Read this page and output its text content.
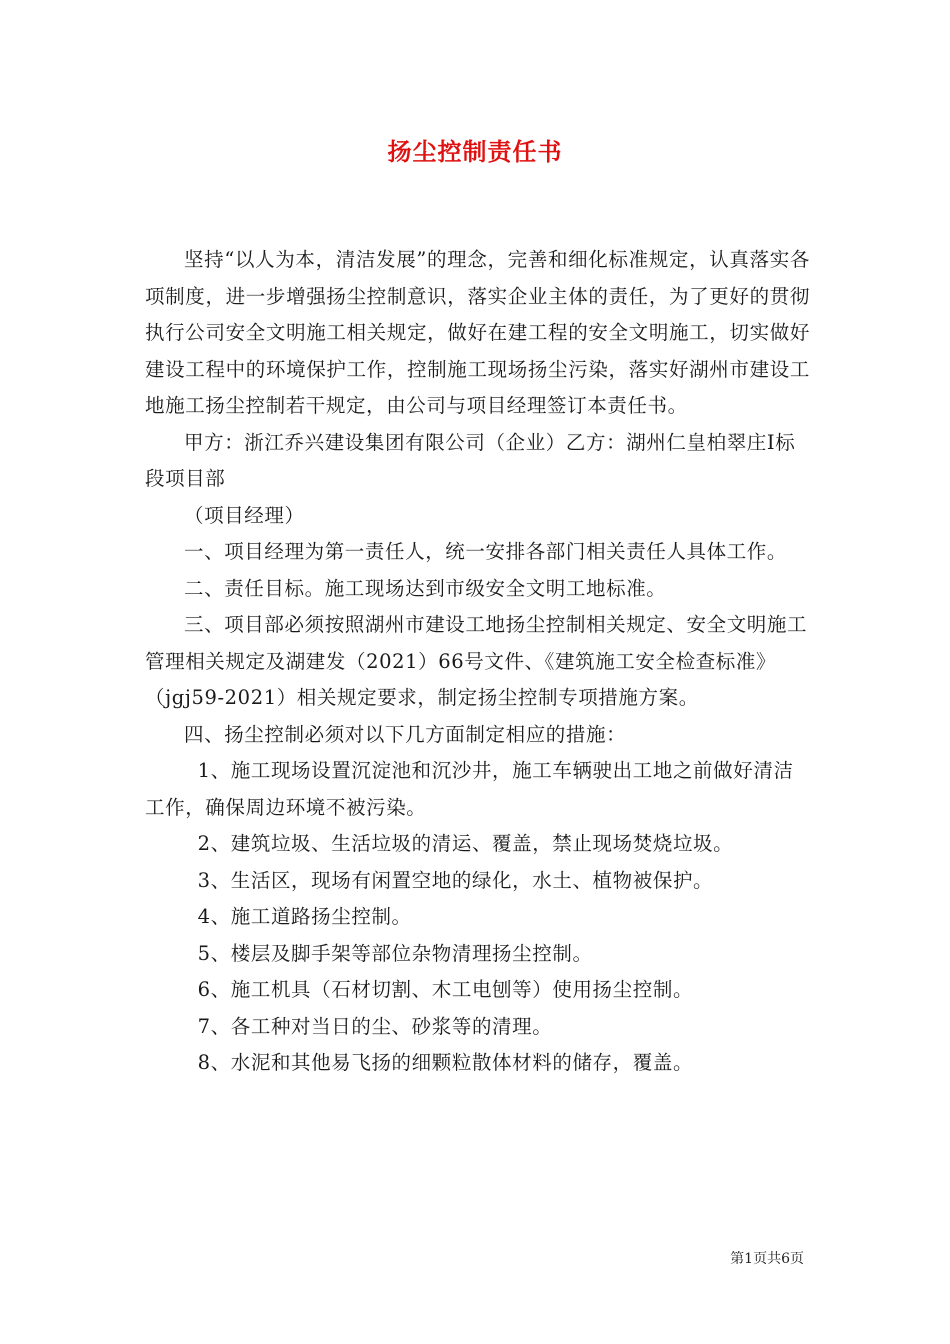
扬尘控制责任书

坚持“以人为本，清洁发展”的理念，完善和细化标准规定，认真落实各项制度，进一步增强扬尘控制意识，落实企业主体的责任，为了更好的贯彻执行公司安全文明施工相关规定，做好在建工程的安全文明施工，切实做好建设工程中的环境保护工作，控制施工现场扬尘污染，落实好湖州市建设工地施工扬尘控制若干规定，由公司与项目经理签订本责任书。

甲方：浙江乔兴建设集团有限公司（企业）乙方：湖州仁皇柏翠庄Ⅰ标段项目部

（项目经理）

一、项目经理为第一责任人，统一安排各部门相关责任人具体工作。

二、责任目标。施工现场达到市级安全文明工地标准。

三、项目部必须按照湖州市建设工地扬尘控制相关规定、安全文明施工管理相关规定及湖建发（2021）66号文件、《建筑施工安全检查标准》（jgj59-2021）相关规定要求，制定扬尘控制专项措施方案。

四、扬尘控制必须对以下几方面制定相应的措施：

1、施工现场设置沉淀池和沉沙井，施工车辆驶出工地之前做好清洁工作，确保周边环境不被污染。

2、建筑垃圾、生活垃圾的清运、覆盖，禁止现场焚烧垃圾。

3、生活区，现场有闲置空地的绿化，水土、植物被保护。

4、施工道路扬尘控制。

5、楼层及脚手架等部位杂物清理扬尘控制。

6、施工机具（石材切割、木工电刨等）使用扬尘控制。

7、各工种对当日的尘、砂浆等的清理。

8、水泥和其他易飞扬的细颗粒散体材料的储存，覆盖。

第1页共6页
